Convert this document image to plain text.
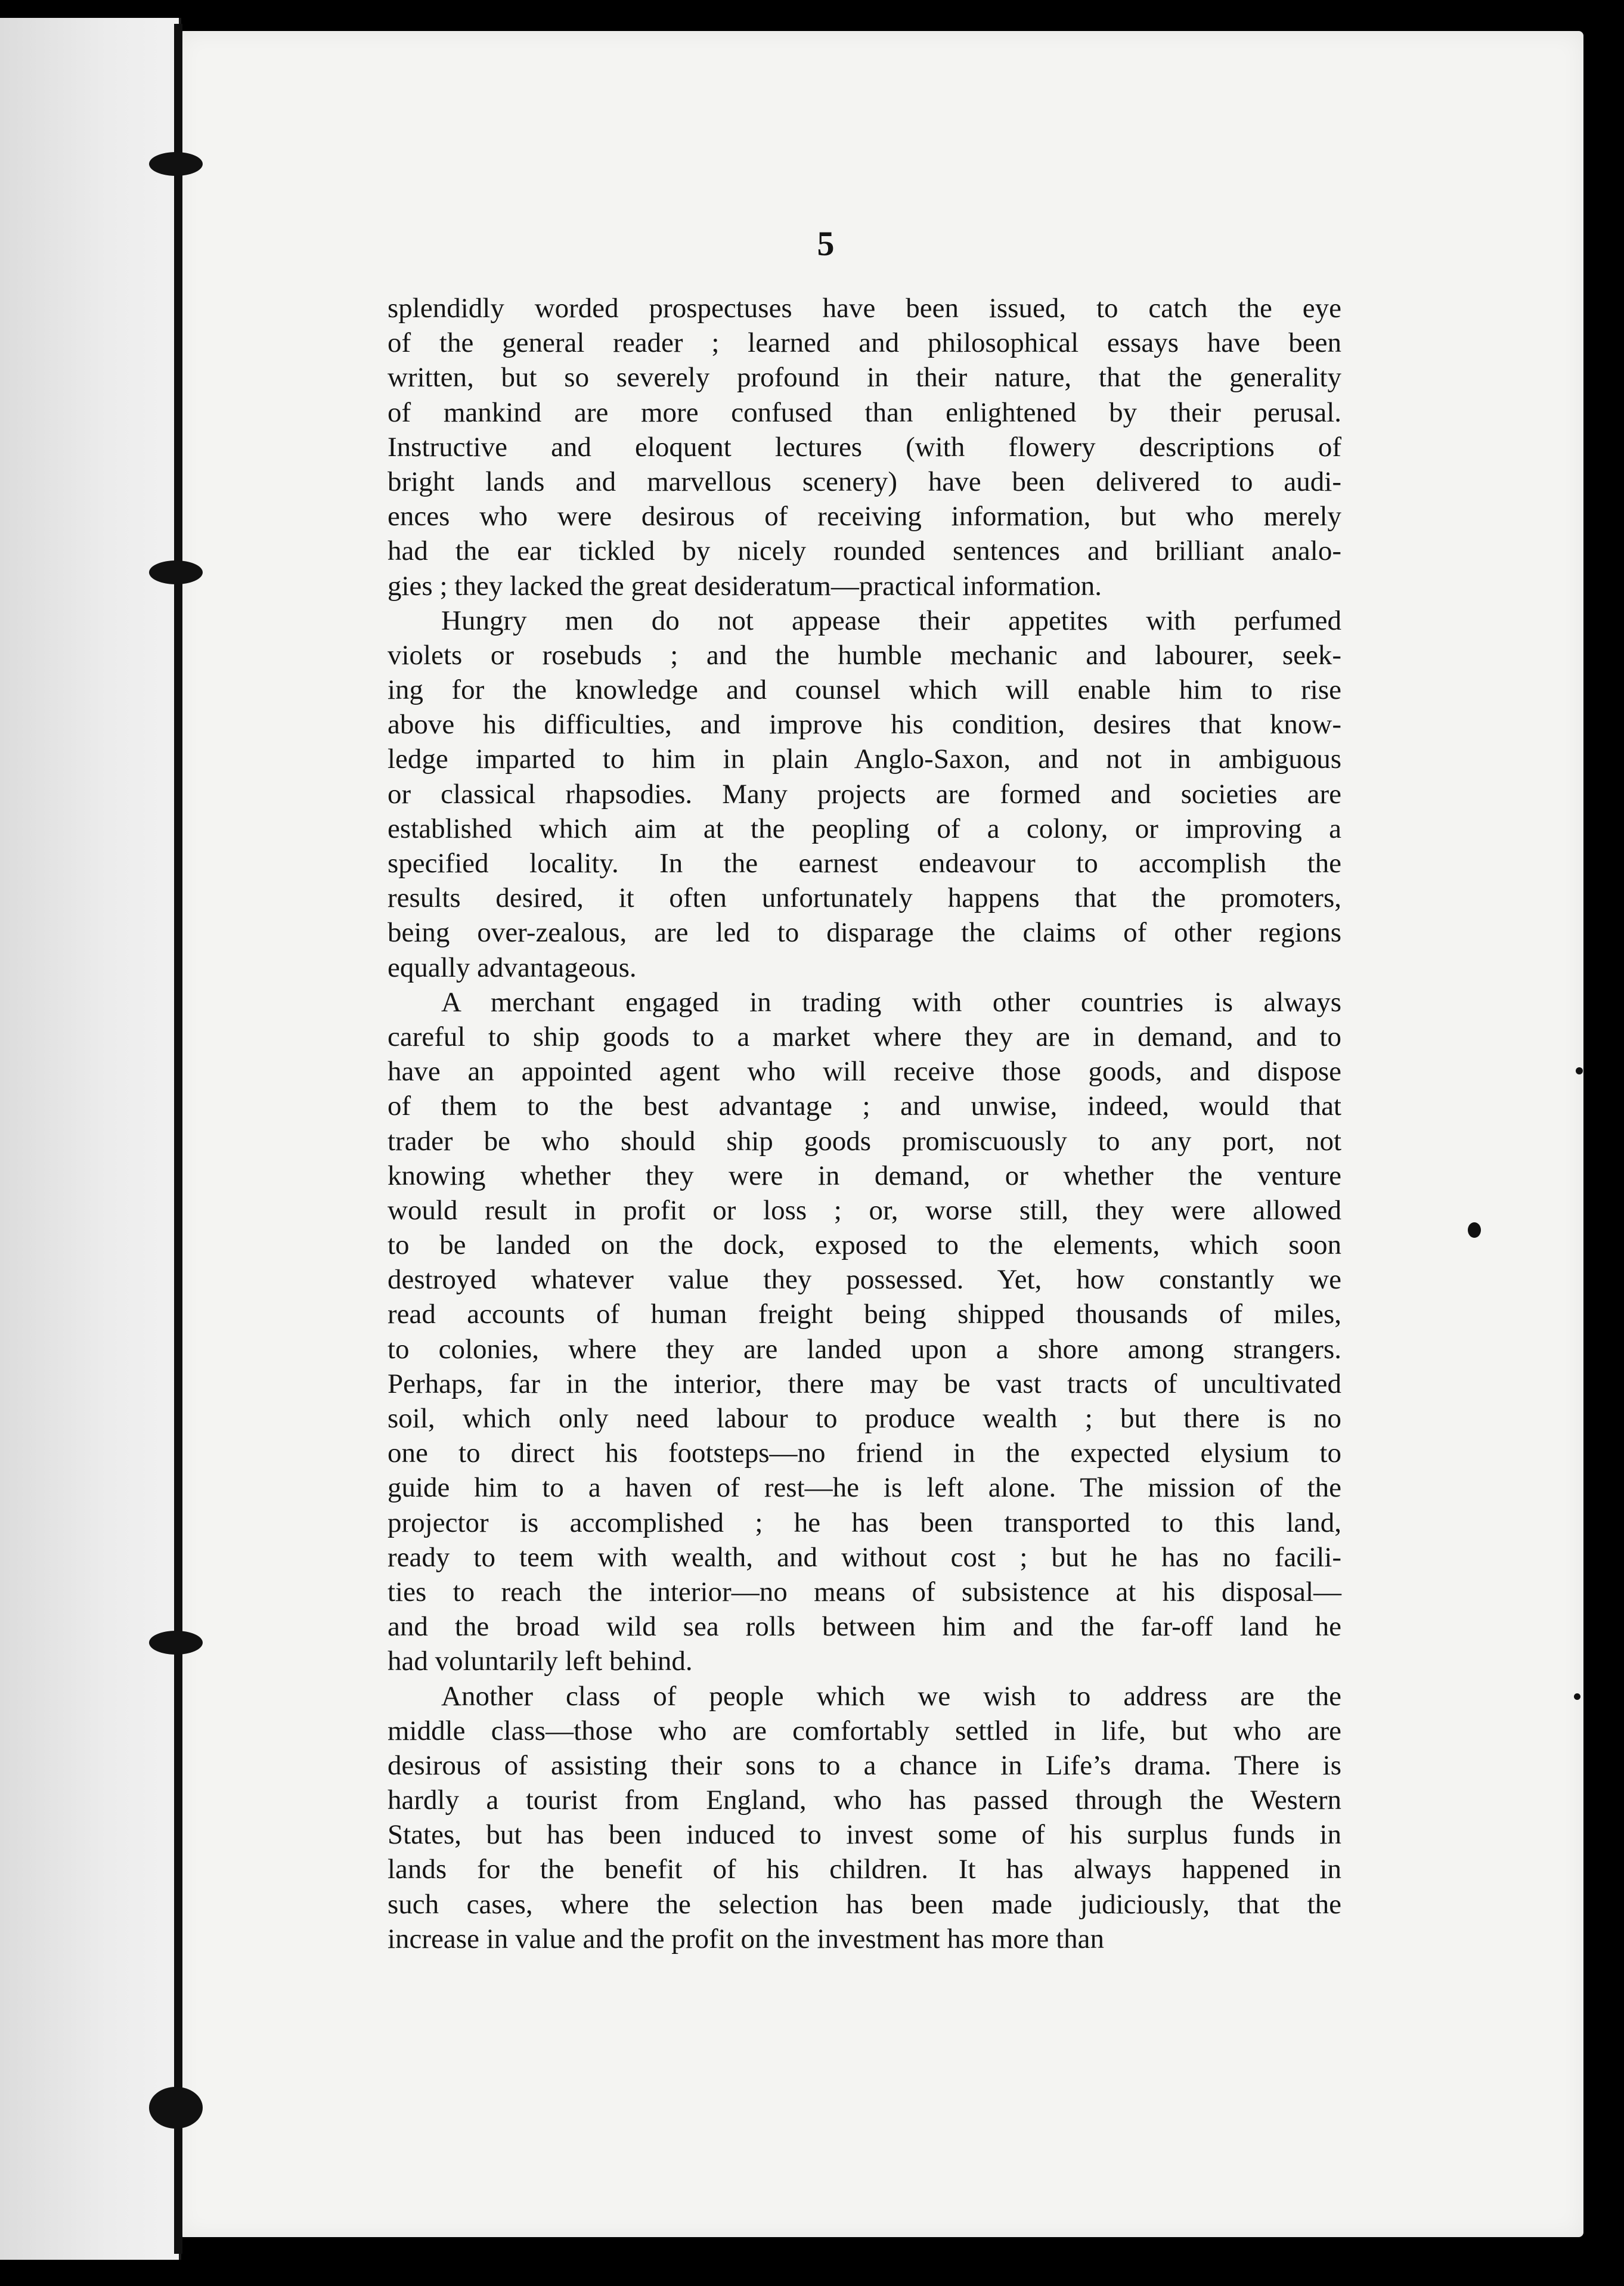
5
splendidly worded prospectuses have been issued, to catch the eye
of the general reader ; learned and philosophical essays have been
written, but so severely profound in their nature, that the generality
of mankind are more confused than enlightened by their perusal.
Instructive and eloquent lectures (with flowery descriptions of
bright lands and marvellous scenery) have been delivered to audi-
ences who were desirous of receiving information, but who merely
had the ear tickled by nicely rounded sentences and brilliant analo-
gies ; they lacked the great desideratum—practical information.
Hungry men do not appease their appetites with perfumed
violets or rosebuds ; and the humble mechanic and labourer, seek-
ing for the knowledge and counsel which will enable him to rise
above his difficulties, and improve his condition, desires that know-
ledge imparted to him in plain Anglo-Saxon, and not in ambiguous
or classical rhapsodies. Many projects are formed and societies are
established which aim at the peopling of a colony, or improving a
specified locality. In the earnest endeavour to accomplish the
results desired, it often unfortunately happens that the promoters,
being over-zealous, are led to disparage the claims of other regions
equally advantageous.
A merchant engaged in trading with other countries is always
careful to ship goods to a market where they are in demand, and to
have an appointed agent who will receive those goods, and dispose
of them to the best advantage ; and unwise, indeed, would that
trader be who should ship goods promiscuously to any port, not
knowing whether they were in demand, or whether the venture
would result in profit or loss ; or, worse still, they were allowed
to be landed on the dock, exposed to the elements, which soon
destroyed whatever value they possessed. Yet, how constantly we
read accounts of human freight being shipped thousands of miles,
to colonies, where they are landed upon a shore among strangers.
Perhaps, far in the interior, there may be vast tracts of uncultivated
soil, which only need labour to produce wealth ; but there is no
one to direct his footsteps—no friend in the expected elysium to
guide him to a haven of rest—he is left alone. The mission of the
projector is accomplished ; he has been transported to this land,
ready to teem with wealth, and without cost ; but he has no facili-
ties to reach the interior—no means of subsistence at his disposal—
and the broad wild sea rolls between him and the far-off land he
had voluntarily left behind.
Another class of people which we wish to address are the
middle class—those who are comfortably settled in life, but who are
desirous of assisting their sons to a chance in Life’s drama. There is
hardly a tourist from England, who has passed through the Western
States, but has been induced to invest some of his surplus funds in
lands for the benefit of his children. It has always happened in
such cases, where the selection has been made judiciously, that the
increase in value and the profit on the investment has more than
